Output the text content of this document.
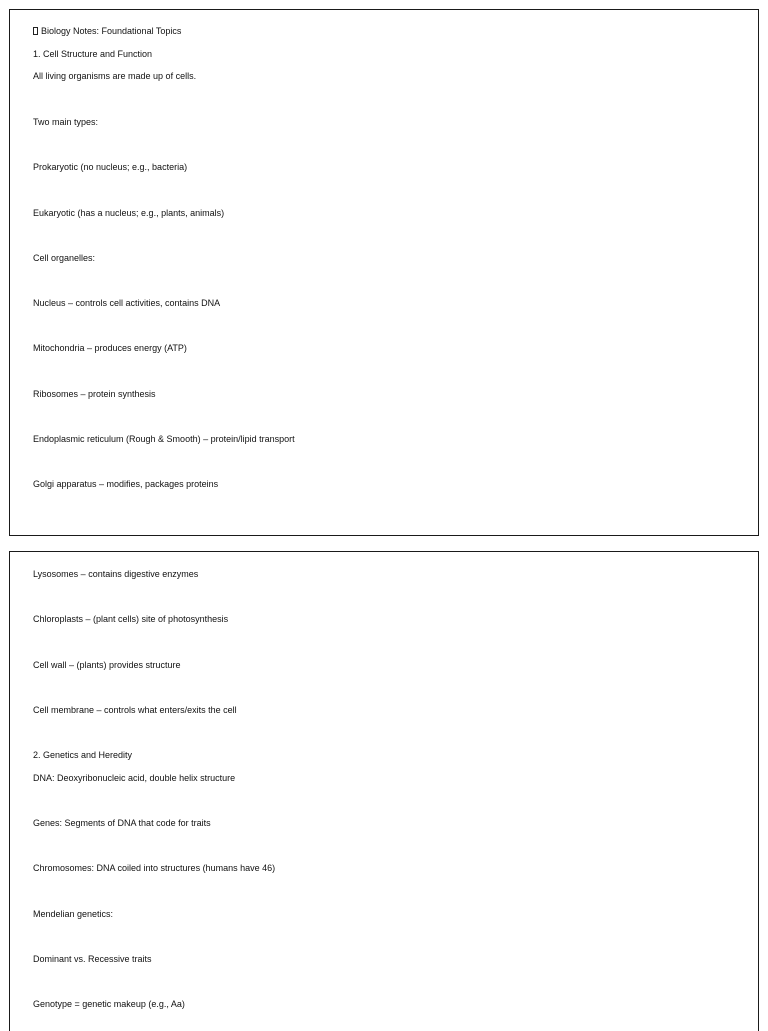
Biology Notes: Foundational Topics
1. Cell Structure and Function
All living organisms are made up of cells.
Two main types:
Prokaryotic (no nucleus; e.g., bacteria)
Eukaryotic (has a nucleus; e.g., plants, animals)
Cell organelles:
Nucleus – controls cell activities, contains DNA
Mitochondria – produces energy (ATP)
Ribosomes – protein synthesis
Endoplasmic reticulum (Rough & Smooth) – protein/lipid transport
Golgi apparatus – modifies, packages proteins
Lysosomes – contains digestive enzymes
Chloroplasts – (plant cells) site of photosynthesis
Cell wall – (plants) provides structure
Cell membrane – controls what enters/exits the cell
2. Genetics and Heredity
DNA: Deoxyribonucleic acid, double helix structure
Genes: Segments of DNA that code for traits
Chromosomes: DNA coiled into structures (humans have 46)
Mendelian genetics:
Dominant vs. Recessive traits
Genotype = genetic makeup (e.g., Aa)
